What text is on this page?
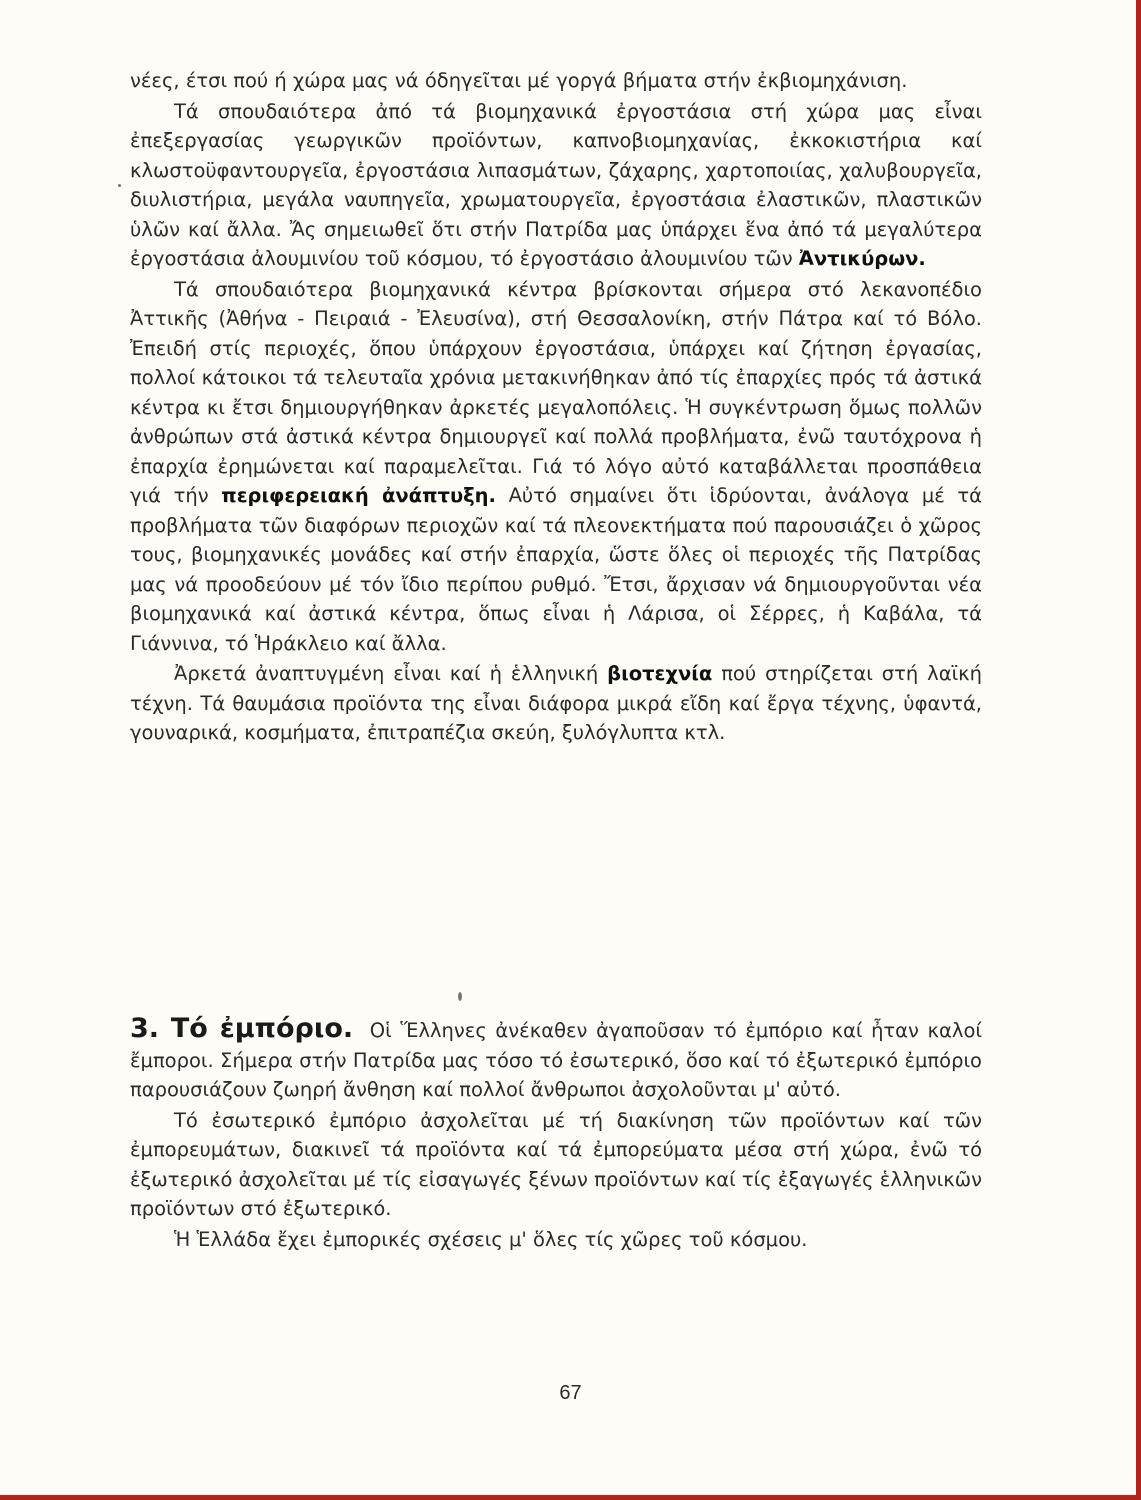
νέες, έτσι πού ή χώρα μας νά όδηγεῖται μέ γοργά βήματα στήν ἐκβιομηχάνιση.

Τά σπουδαιότερα ἀπό τά βιομηχανικά ἐργοστάσια στή χώρα μας εἶναι ἐπεξεργασίας γεωργικῶν προϊόντων, καπνοβιομηχανίας, ἐκκοκιστήρια καί κλωστοϋφαντουργεῖα, ἐργοστάσια λιπασμάτων, ζάχαρης, χαρτοποιίας, χαλυβουργεῖα, διυλιστήρια, μεγάλα ναυπηγεῖα, χρωματουργεῖα, ἐργοστάσια ἐλαστικῶν, πλαστικῶν ὑλῶν καί ἄλλα. Ἄς σημειωθεῖ ὅτι στήν Πατρίδα μας ὑπάρχει ἕνα ἀπό τά μεγαλύτερα ἐργοστάσια ἀλουμινίου τοῦ κόσμου, τό ἐργοστάσιο ἀλουμινίου τῶν Ἀντικύρων.

Τά σπουδαιότερα βιομηχανικά κέντρα βρίσκονται σήμερα στό λεκανοπέδιο Ἀττικῆς (Ἀθήνα - Πειραιά - Ἐλευσίνα), στή Θεσσαλονίκη, στήν Πάτρα καί τό Βόλο. Ἐπειδή στίς περιοχές, ὅπου ὑπάρχουν ἐργοστάσια, ὑπάρχει καί ζήτηση ἐργασίας, πολλοί κάτοικοι τά τελευταῖα χρόνια μετακινήθηκαν ἀπό τίς ἐπαρχίες πρός τά ἀστικά κέντρα κι ἔτσι δημιουργήθηκαν ἀρκετές μεγαλοπόλεις. Ἡ συγκέντρωση ὅμως πολλῶν ἀνθρώπων στά ἀστικά κέντρα δημιουργεῖ καί πολλά προβλήματα, ἐνῶ ταυτόχρονα ἡ ἐπαρχία ἐρημώνεται καί παραμελεῖται. Γιά τό λόγο αὐτό καταβάλλεται προσπάθεια γιά τήν περιφερειακή ἀνάπτυξη. Αὐτό σημαίνει ὅτι ἱδρύονται, ἀνάλογα μέ τά προβλήματα τῶν διαφόρων περιοχῶν καί τά πλεονεκτήματα πού παρουσιάζει ὁ χῶρος τους, βιομηχανικές μονάδες καί στήν ἐπαρχία, ὥστε ὅλες οἱ περιοχές τῆς Πατρίδας μας νά προοδεύουν μέ τόν ἴδιο περίπου ρυθμό. Ἔτσι, ἄρχισαν νά δημιουργοῦνται νέα βιομηχανικά καί ἀστικά κέντρα, ὅπως εἶναι ἡ Λάρισα, οἱ Σέρρες, ἡ Καβάλα, τά Γιάννινα, τό Ἡράκλειο καί ἄλλα.

Ἀρκετά ἀναπτυγμένη εἶναι καί ἡ ἑλληνική βιοτεχνία πού στηρίζεται στή λαϊκή τέχνη. Τά θαυμάσια προϊόντα της εἶναι διάφορα μικρά εἴδη καί ἔργα τέχνης, ὑφαντά, γουναρικά, κοσμήματα, ἐπιτραπέζια σκεύη, ξυλόγλυπτα κτλ.

3. Τό ἐμπόριο. Οἱ Ἕλληνες ἀνέκαθεν ἀγαποῦσαν τό ἐμπόριο καί ἦταν καλοί ἔμποροι. Σήμερα στήν Πατρίδα μας τόσο τό ἐσωτερικό, ὅσο καί τό ἐξωτερικό ἐμπόριο παρουσιάζουν ζωηρή ἄνθηση καί πολλοί ἄνθρωποι ἀσχολοῦνται μ' αὐτό.

Τό ἐσωτερικό ἐμπόριο ἀσχολεῖται μέ τή διακίνηση τῶν προϊόντων καί τῶν ἐμπορευμάτων, διακινεῖ τά προϊόντα καί τά ἐμπορεύματα μέσα στή χώρα, ἐνῶ τό ἐξωτερικό ἀσχολεῖται μέ τίς εἰσαγωγές ξένων προϊόντων καί τίς ἐξαγωγές ἑλληνικῶν προϊόντων στό ἐξωτερικό.

Ἡ Ἑλλάδα ἔχει ἐμπορικές σχέσεις μ' ὅλες τίς χῶρες τοῦ κόσμου.

67
